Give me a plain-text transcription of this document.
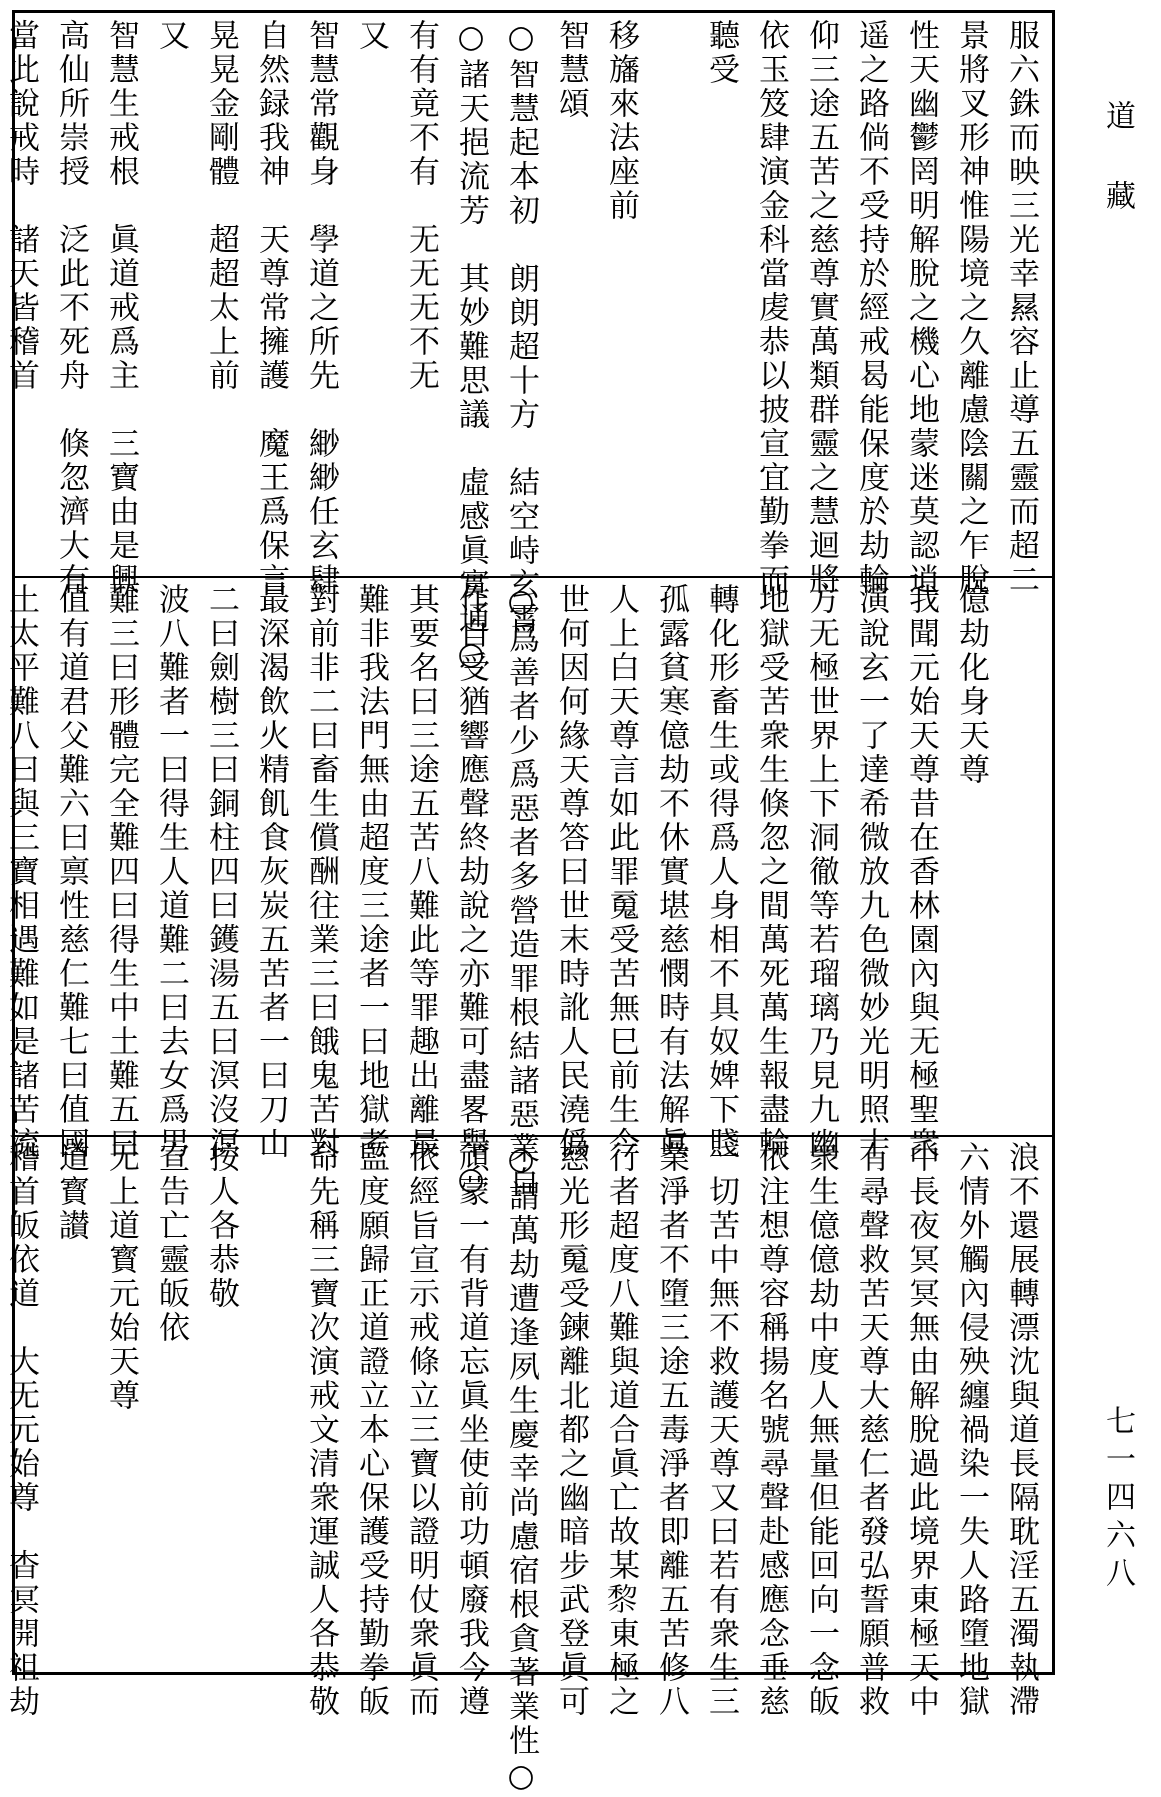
服六銖而映三光幸㬎容止導五靈而超二
景將叉形神惟陽境之久離慮陰關之乍脫
性天幽鬱罔明解脫之機心地蒙迷莫認逍
遥之路倘不受持於經戒曷能保度於劫輪
仰三途五苦之慈尊實萬類群靈之慧迴將
依玉笈肆演金科當䖍恭以披宣宜勤拳而
聽受
移旛來法座前
智慧頌
○智慧起本初　朗朗超十方　結空峙玄霄
○諸天挹流芳　其妙難思議　虛感眞實通○
有有竟不有　无无无不无
又
智慧常觀身　學道之所先　緲緲任玄肆
自然録我神　天尊常擁護　魔王爲保言
晃晃金剛體　超超太上前
又
智慧生戒根　眞道戒爲主　三寶由是興
高仙所崇授　泛此不死舟　倏忽濟大有
當此說戒時　諸天皆稽首
億劫化身天尊
我聞元始天尊昔在香林園內與无極聖衆
演說玄一了達希微放九色微妙光明照十
方无極世界上下洞徹等若瑠璃乃見九幽
地獄受苦衆生倏忽之間萬死萬生報盡輪
轉化形畜生或得爲人身相不具奴婢下賤
孤露貧寒億劫不休實堪慈憫時有法解眞
人上白天尊言如此罪䰟受苦無巳前生今
世何因何緣天尊答曰世末時訛人民澆僞
○爲善者少爲惡者多營造罪根結諸惡業自
作自受猶響應聲終劫說之亦難可盡畧舉○
其要名曰三途五苦八難此等罪趣出離最
難非我法門無由超度三途者一曰地獄考
對前非二曰畜生償酬往業三曰餓鬼苦對
最深渴飲火精飢食灰炭五苦者一曰刀山
二曰劍樹三曰銅柱四曰鑊湯五曰溟沒溟
波八難者一曰得生人道難二曰去女爲男
難三曰形體完全難四曰得生中土難五曰
值有道君父難六曰禀性慈仁難七曰值國
土太平難八曰與三寶相遇難如是諸苦流
浪不還展轉漂沈與道長隔耽淫五濁執滯
六情外觸內侵殃纏禍染一失人路墮地獄
中長夜冥冥無由解脫過此境界東極天中
有尋聲救苦天尊大慈仁者發弘誓願普救
衆生億億劫中度人無量但能回向一念皈
依注想尊容稱揚名號尋聲赴感應念垂慈
一切苦中無不救護天尊又曰若有衆生三
業淨者不墮三途五毒淨者即離五苦修八
行者超度八難與道合眞亡故某𥟖東極之
慈光形䰟受鍊離北都之幽暗步武登眞可
○謂萬劫遭逢夙生慶幸尚慮宿根貪著業性○
頑蒙一有背道忘眞坐使前功頓廢我今遵
依經旨宣示戒條立三寶以證明仗衆眞而
監度願歸正道證立本心保護受持勤拳皈
命先稱三寶次演戒文清衆運誠人各恭敬
按人各恭敬
宣告亡靈皈依
无上道寳元始天尊
道寳讃
稽首皈依道　大无元始尊　杳冥開祖劫
道藏
七一四六八
